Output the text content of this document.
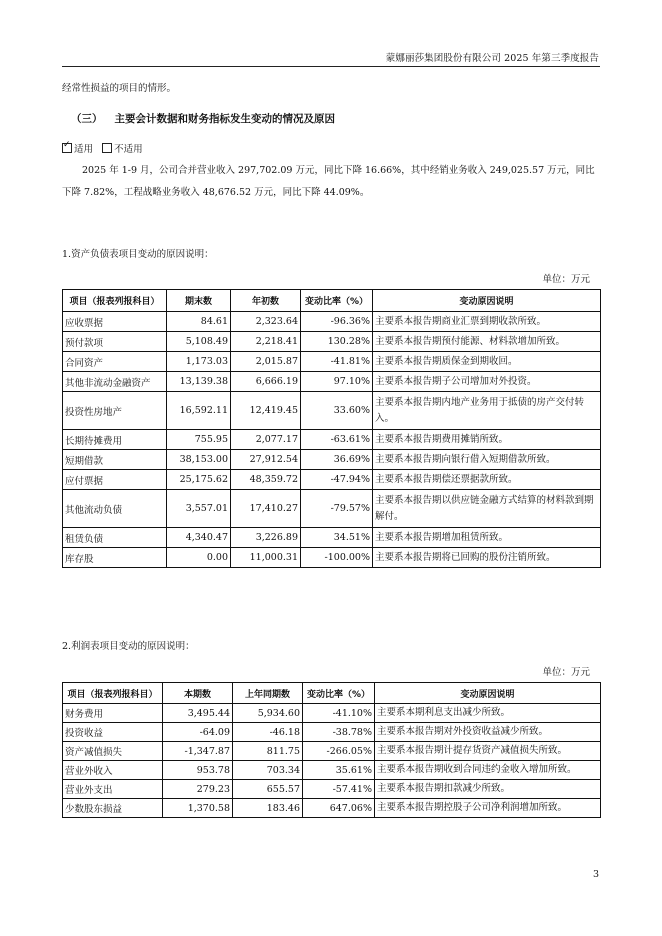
蒙娜丽莎集团股份有限公司 2025 年第三季度报告
经常性损益的项目的情形。
（三） 主要会计数据和财务指标发生变动的情况及原因
✓适用 不适用
2025 年 1-9 月，公司合并营业收入 297,702.09 万元，同比下降 16.66%，其中经销业务收入 249,025.57 万元，同比
下降 7.82%，工程战略业务收入 48,676.52 万元，同比下降 44.09%。
1.资产负债表项目变动的原因说明：
单位：万元
项目（报表列报科目）	期末数	年初数	变动比率（%）	变动原因说明
应收票据	84.61	2,323.64	-96.36%	主要系本报告期商业汇票到期收款所致。
预付款项	5,108.49	2,218.41	130.28%	主要系本报告期预付能源、材料款增加所致。
合同资产	1,173.03	2,015.87	-41.81%	主要系本报告期质保金到期收回。
其他非流动金融资产	13,139.38	6,666.19	97.10%	主要系本报告期子公司增加对外投资。
投资性房地产	16,592.11	12,419.45	33.60%	主要系本报告期内地产业务用于抵债的房产交付转入。
长期待摊费用	755.95	2,077.17	-63.61%	主要系本报告期费用摊销所致。
短期借款	38,153.00	27,912.54	36.69%	主要系本报告期向银行借入短期借款所致。
应付票据	25,175.62	48,359.72	-47.94%	主要系本报告期偿还票据款所致。
其他流动负债	3,557.01	17,410.27	-79.57%	主要系本报告期以供应链金融方式结算的材料款到期解付。
租赁负债	4,340.47	3,226.89	34.51%	主要系本报告期增加租赁所致。
库存股	0.00	11,000.31	-100.00%	主要系本报告期将已回购的股份注销所致。
2.利润表项目变动的原因说明：
单位：万元
项目（报表列报科目）	本期数	上年同期数	变动比率（%）	变动原因说明
财务费用	3,495.44	5,934.60	-41.10%	主要系本期利息支出减少所致。
投资收益	-64.09	-46.18	-38.78%	主要系本报告期对外投资收益减少所致。
资产减值损失	-1,347.87	811.75	-266.05%	主要系本报告期计提存货资产减值损失所致。
营业外收入	953.78	703.34	35.61%	主要系本报告期收到合同违约金收入增加所致。
营业外支出	279.23	655.57	-57.41%	主要系本报告期扣款减少所致。
少数股东损益	1,370.58	183.46	647.06%	主要系本报告期控股子公司净利润增加所致。
3
